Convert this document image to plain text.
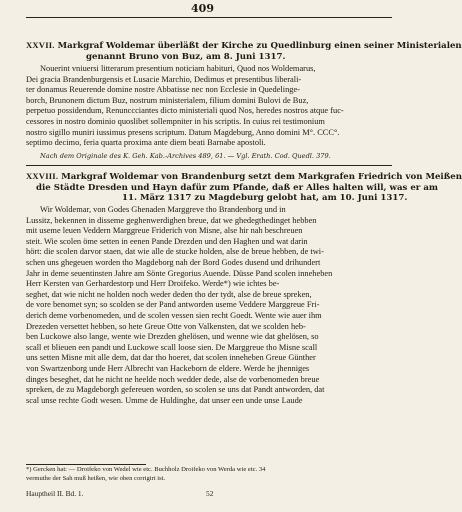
409
XXVII. Markgraf Woldemar überläßt der Kirche zu Quedlinburg einen seiner Ministerialen
genannt Bruno von Buz, am 8. Juni 1317.
Nouerint vniuersi litterarum presentium noticiam habituri, Quod nos Woldemarus,
Dei gracia Brandenburgensis et Lusacie Marchio, Dedimus et presentibus liberali-
ter donamus Reuerende domine nostre Abbatisse nec non Ecclesie in Quedelinge-
borch, Brunonem dictum Buz, nostrum ministerialem, filium domini Bulovi de Buz,
perpetuo possidendum, Renunccciantes dicto ministeriali quod Nos, heredes nostros atque fuc-
cessores in nostro dominio quoslibet sollempniter in his scriptis. In cuius rei testimonium
nostro sigillo muniri iussimus presens scriptum. Datum Magdeburg, Anno domini M°. CCC°.
septimo decimo, feria quarta proxima ante diem beati Barnabe apostoli.
Nach dem Originale des K. Geh. Kab.-Archives 489, 61. — Vgl. Erath. Cod. Quedl. 379.
XXVIII. Markgraf Woldemar von Brandenburg setzt dem Markgrafen Friedrich von Meißen
die Städte Dresden und Hayn dafür zum Pfande, daß er Alles halten will, was er am
11. März 1317 zu Magdeburg gelobt hat, am 10. Juni 1317.
Wir Woldemar, von Godes Ghenaden Marggreve tho Brandenborg und in
Lussitz, bekennen in disseme geghenwerdighen breue, dat we ghedegthedinget hebben
mit useme leuen Veddern Marggreue Friderich von Misne, alse hir nah beschreuen
steit. Wie scolen öme setten in eenen Pande Drezden und den Haghen und wat darin
hört: die scolen darvor staen, dat wie alle de stucke holden, alse de breue hebben, de twi-
schen uns ghegeuen worden tho Magdeborg nah der Bord Godes dusend und drihundert
Jahr in deme seuentinsten Jahre am Sönte Gregorius Auende. Düsse Pand scolen inneheben
Herr Kersten van Gerhardestorp und Herr Droifeko. Werde*) wie ichtes be-
seghet, dat wie nicht ne holden noch weder deden tho der tydt, alse de breue spreken,
de vore benomet syn; so scolden se der Pand antworden useme Veddere Marggreue Fri-
derich deme vorbenomeden, und de scolen vessen sien recht Goedt. Wente wie auer ihm
Drezeden versettet hebben, so hete Greue Otte von Valkensten, dat we scolden heb-
ben Luckowe also lange, wente wie Drezden ghelösen, und wenne wie dat ghelösen, so
scall et blieuen een pandt und Luckowe scall loose sien. De Marggreue tho Misne scall
uns setten Misne mit alle dem, dat dar tho hoeret, dat scolen inneheben Greue Günther
von Swartzenborg unde Herr Albrecht van Hackeborn de eldere. Werde he jhenniges
dinges beseghet, dat he nicht ne heelde noch wedder dede, alse de vorbenomeden breue
spreken, de zu Magdeborgh gefereuen worden, so scolen se uns dat Pandt antworden, dat
scal unse rechte Godt wesen. Umme de Huldinghe, dat unser een unde unse Laude
*) Gercken hat: — Droifeko von Wedel wie etc. Buchholz Droifeko von Werda wie etc. 34
vermuthe der Sah muß heißen, wie oben corrigirt ist.
Hauptheil II. Bd. 1.	52
